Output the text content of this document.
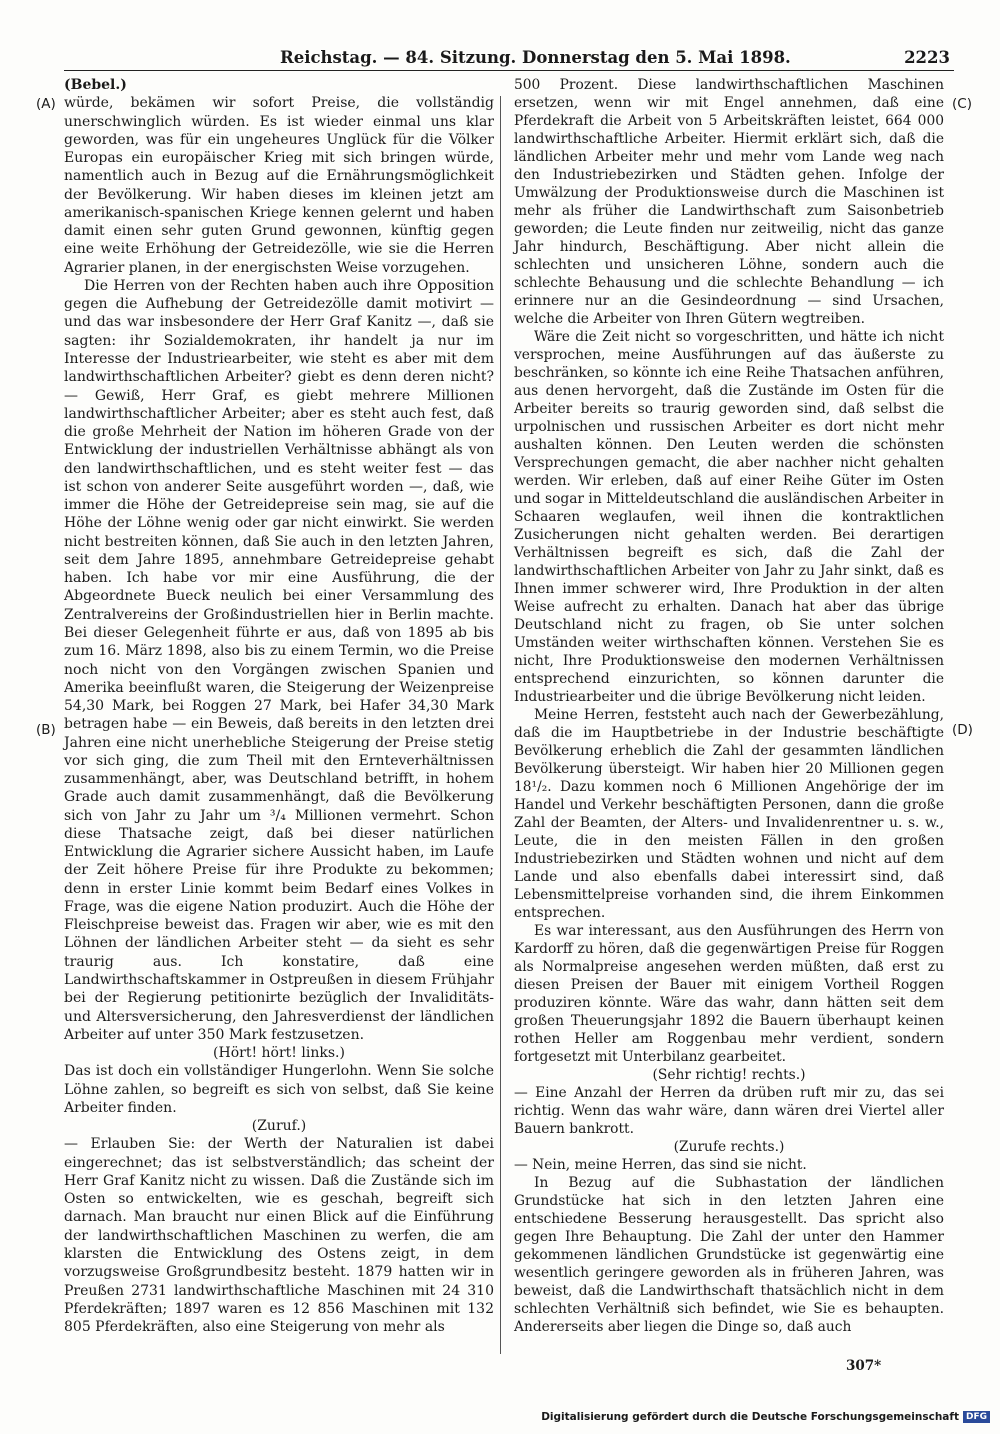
Reichstag. — 84. Sitzung. Donnerstag den 5. Mai 1898.	2223
(A)
(B)
(C)
(D)

(Bebel.)

würde, bekämen wir sofort Preise, die vollständig unerschwinglich würden. Es ist wieder einmal uns klar geworden, was für ein ungeheures Unglück für die Völker Europas ein europäischer Krieg mit sich bringen würde, namentlich auch in Bezug auf die Ernährungsmöglichkeit der Bevölkerung. Wir haben dieses im kleinen jetzt am amerikanisch-spanischen Kriege kennen gelernt und haben damit einen sehr guten Grund gewonnen, künftig gegen eine weite Erhöhung der Getreidezölle, wie sie die Herren Agrarier planen, in der energischsten Weise vorzugehen.

Die Herren von der Rechten haben auch ihre Opposition gegen die Aufhebung der Getreidezölle damit motivirt — und das war insbesondere der Herr Graf Kanitz —, daß sie sagten: ihr Sozialdemokraten, ihr handelt ja nur im Interesse der Industriearbeiter, wie steht es aber mit dem landwirthschaftlichen Arbeiter? giebt es denn deren nicht? — Gewiß, Herr Graf, es giebt mehrere Millionen landwirthschaftlicher Arbeiter; aber es steht auch fest, daß die große Mehrheit der Nation im höheren Grade von der Entwicklung der industriellen Verhältnisse abhängt als von den landwirthschaftlichen, und es steht weiter fest — das ist schon von anderer Seite ausgeführt worden —, daß, wie immer die Höhe der Getreidepreise sein mag, sie auf die Höhe der Löhne wenig oder gar nicht einwirkt. Sie werden nicht bestreiten können, daß Sie auch in den letzten Jahren, seit dem Jahre 1895, annehmbare Getreidepreise gehabt haben. Ich habe vor mir eine Ausführung, die der Abgeordnete Bueck neulich bei einer Versammlung des Zentralvereins der Großindustriellen hier in Berlin machte. Bei dieser Gelegenheit führte er aus, daß von 1895 ab bis zum 16. März 1898, also bis zu einem Termin, wo die Preise noch nicht von den Vorgängen zwischen Spanien und Amerika beeinflußt waren, die Steigerung der Weizenpreise 54,30 Mark, bei Roggen 27 Mark, bei Hafer 34,30 Mark betragen habe — ein Beweis, daß bereits in den letzten drei Jahren eine nicht unerhebliche Steigerung der Preise stetig vor sich ging, die zum Theil mit den Ernteverhältnissen zusammenhängt, aber, was Deutschland betrifft, in hohem Grade auch damit zusammenhängt, daß die Bevölkerung sich von Jahr zu Jahr um ³/₄ Millionen vermehrt. Schon diese Thatsache zeigt, daß bei dieser natürlichen Entwicklung die Agrarier sichere Aussicht haben, im Laufe der Zeit höhere Preise für ihre Produkte zu bekommen; denn in erster Linie kommt beim Bedarf eines Volkes in Frage, was die eigene Nation produzirt. Auch die Höhe der Fleischpreise beweist das. Fragen wir aber, wie es mit den Löhnen der ländlichen Arbeiter steht — da sieht es sehr traurig aus. Ich konstatire, daß eine Landwirthschaftskammer in Ostpreußen in diesem Frühjahr bei der Regierung petitionirte bezüglich der Invaliditäts- und Altersversicherung, den Jahresverdienst der ländlichen Arbeiter auf unter 350 Mark festzusetzen.

(Hört! hört! links.)

Das ist doch ein vollständiger Hungerlohn. Wenn Sie solche Löhne zahlen, so begreift es sich von selbst, daß Sie keine Arbeiter finden.

(Zuruf.)

— Erlauben Sie: der Werth der Naturalien ist dabei eingerechnet; das ist selbstverständlich; das scheint der Herr Graf Kanitz nicht zu wissen. Daß die Zustände sich im Osten so entwickelten, wie es geschah, begreift sich darnach. Man braucht nur einen Blick auf die Einführung der landwirthschaftlichen Maschinen zu werfen, die am klarsten die Entwicklung des Ostens zeigt, in dem vorzugsweise Großgrundbesitz besteht. 1879 hatten wir in Preußen 2731 landwirthschaftliche Maschinen mit 24 310 Pferdekräften; 1897 waren es 12 856 Maschinen mit 132 805 Pferdekräften, also eine Steigerung von mehr als

500 Prozent. Diese landwirthschaftlichen Maschinen ersetzen, wenn wir mit Engel annehmen, daß eine Pferdekraft die Arbeit von 5 Arbeitskräften leistet, 664 000 landwirthschaftliche Arbeiter. Hiermit erklärt sich, daß die ländlichen Arbeiter mehr und mehr vom Lande weg nach den Industriebezirken und Städten gehen. Infolge der Umwälzung der Produktionsweise durch die Maschinen ist mehr als früher die Landwirthschaft zum Saisonbetrieb geworden; die Leute finden nur zeitweilig, nicht das ganze Jahr hindurch, Beschäftigung. Aber nicht allein die schlechten und unsicheren Löhne, sondern auch die schlechte Behausung und die schlechte Behandlung — ich erinnere nur an die Gesindeordnung — sind Ursachen, welche die Arbeiter von Ihren Gütern wegtreiben.

Wäre die Zeit nicht so vorgeschritten, und hätte ich nicht versprochen, meine Ausführungen auf das äußerste zu beschränken, so könnte ich eine Reihe Thatsachen anführen, aus denen hervorgeht, daß die Zustände im Osten für die Arbeiter bereits so traurig geworden sind, daß selbst die urpolnischen und russischen Arbeiter es dort nicht mehr aushalten können. Den Leuten werden die schönsten Versprechungen gemacht, die aber nachher nicht gehalten werden. Wir erleben, daß auf einer Reihe Güter im Osten und sogar in Mitteldeutschland die ausländischen Arbeiter in Schaaren weglaufen, weil ihnen die kontraktlichen Zusicherungen nicht gehalten werden. Bei derartigen Verhältnissen begreift es sich, daß die Zahl der landwirthschaftlichen Arbeiter von Jahr zu Jahr sinkt, daß es Ihnen immer schwerer wird, Ihre Produktion in der alten Weise aufrecht zu erhalten. Danach hat aber das übrige Deutschland nicht zu fragen, ob Sie unter solchen Umständen weiter wirthschaften können. Verstehen Sie es nicht, Ihre Produktionsweise den modernen Verhältnissen entsprechend einzurichten, so können darunter die Industriearbeiter und die übrige Bevölkerung nicht leiden.

Meine Herren, feststeht auch nach der Gewerbezählung, daß die im Hauptbetriebe in der Industrie beschäftigte Bevölkerung erheblich die Zahl der gesammten ländlichen Bevölkerung übersteigt. Wir haben hier 20 Millionen gegen 18¹/₂. Dazu kommen noch 6 Millionen Angehörige der im Handel und Verkehr beschäftigten Personen, dann die große Zahl der Beamten, der Alters- und Invalidenrentner u. s. w., Leute, die in den meisten Fällen in den großen Industriebezirken und Städten wohnen und nicht auf dem Lande und also ebenfalls dabei interessirt sind, daß Lebensmittelpreise vorhanden sind, die ihrem Einkommen entsprechen.

Es war interessant, aus den Ausführungen des Herrn von Kardorff zu hören, daß die gegenwärtigen Preise für Roggen als Normalpreise angesehen werden müßten, daß erst zu diesen Preisen der Bauer mit einigem Vortheil Roggen produziren könnte. Wäre das wahr, dann hätten seit dem großen Theuerungsjahr 1892 die Bauern überhaupt keinen rothen Heller am Roggenbau mehr verdient, sondern fortgesetzt mit Unterbilanz gearbeitet.

(Sehr richtig! rechts.)

— Eine Anzahl der Herren da drüben ruft mir zu, das sei richtig. Wenn das wahr wäre, dann wären drei Viertel aller Bauern bankrott.

(Zurufe rechts.)

— Nein, meine Herren, das sind sie nicht.

In Bezug auf die Subhastation der ländlichen Grundstücke hat sich in den letzten Jahren eine entschiedene Besserung herausgestellt. Das spricht also gegen Ihre Behauptung. Die Zahl der unter den Hammer gekommenen ländlichen Grundstücke ist gegenwärtig eine wesentlich geringere geworden als in früheren Jahren, was beweist, daß die Landwirthschaft thatsächlich nicht in dem schlechten Verhältniß sich befindet, wie Sie es behaupten. Andererseits aber liegen die Dinge so, daß auch

307*
Digitalisierung gefördert durch die Deutsche Forschungsgemeinschaft DFG
